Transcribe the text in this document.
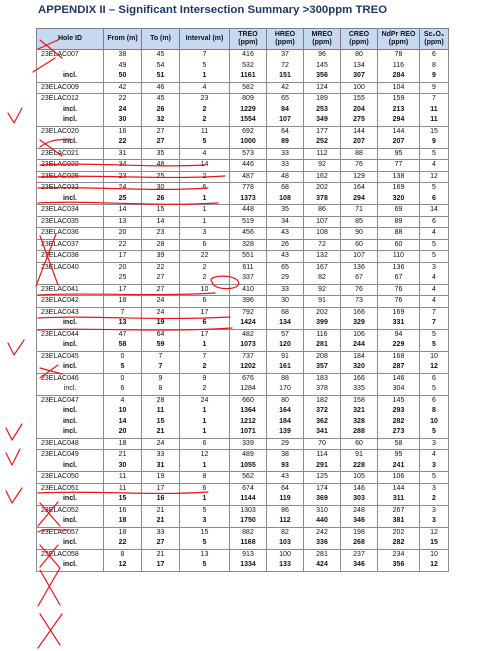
APPENDIX II – Significant Intersection Summary >300ppm TREO
Hole ID	From (m)	To (m)	Interval (m)	TREO (ppm)	HREO (ppm)	MREO (ppm)	CREO (ppm)	NdPr REO (ppm)	Sc₂O₃ (ppm)
23ELAC007	38	45	7	416	37	96	80	78	6
	49	54	5	532	72	145	134	116	8
incl.	50	51	1	1161	151	356	307	284	9
23ELAC009	42	46	4	582	42	124	100	104	9
23ELAC012	22	45	23	809	65	189	155	159	7
incl.	24	26	2	1229	84	253	204	213	11
incl.	30	32	2	1554	107	349	275	294	11
23ELAC020	16	27	11	692	64	177	144	144	15
incl.	22	27	5	1000	89	252	207	207	9
23ELAC021	31	35	4	573	33	112	88	95	5
23ELAC022	34	48	14	446	33	92	76	77	4
23ELAC025	23	25	2	487	48	162	129	138	12
23ELAC032	24	30	6	778	68	202	164	169	5
incl.	25	26	1	1373	108	378	294	320	6
23ELAC034	14	15	1	448	35	86	71	69	14
23ELAC035	13	14	1	519	34	107	85	89	6
23ELAC036	20	23	3	456	43	108	90	88	4
23ELAC037	22	28	6	328	26	72	60	60	5
23ELAC038	17	39	22	551	43	132	107	110	5
23ELAC040	20	22	2	611	65	167	136	136	3
	25	27	2	337	29	82	67	67	4
23ELAC041	17	27	10	410	33	92	76	76	4
23ELAC042	18	24	6	396	30	91	73	76	4
23ELAC043	7	24	17	792	68	202	166	169	7
incl.	13	19	6	1424	134	399	329	331	7
23ELAC044	47	64	17	482	57	116	106	94	5
incl.	58	59	1	1073	120	281	244	229	5
23ELAC045	0	7	7	737	91	208	184	168	10
incl.	5	7	2	1202	161	357	320	287	12
23ELAC046	0	9	9	676	88	183	166	146	6
incl.	6	8	2	1284	170	378	335	304	5
23ELAC047	4	28	24	660	80	182	158	145	6
incl.	10	11	1	1364	164	372	321	293	8
incl.	14	15	1	1212	184	362	328	282	10
incl.	20	21	1	1071	139	341	288	273	5
23ELAC048	18	24	6	339	29	70	60	58	3
23ELAC049	21	33	12	489	38	114	91	95	4
incl.	30	31	1	1055	93	291	228	241	3
23ELAC050	11	19	8	562	43	125	105	106	5
23ELAC051	11	17	6	674	64	174	146	144	3
incl.	15	16	1	1144	119	369	303	311	2
23ELAC052	16	21	5	1303	86	310	248	267	3
incl.	18	21	3	1750	112	440	346	381	3
23ELAC057	18	33	15	882	82	242	198	202	12
incl.	22	27	5	1168	103	336	268	282	15
23ELAC058	8	21	13	913	100	281	237	234	10
incl.	12	17	5	1334	133	424	346	356	12
